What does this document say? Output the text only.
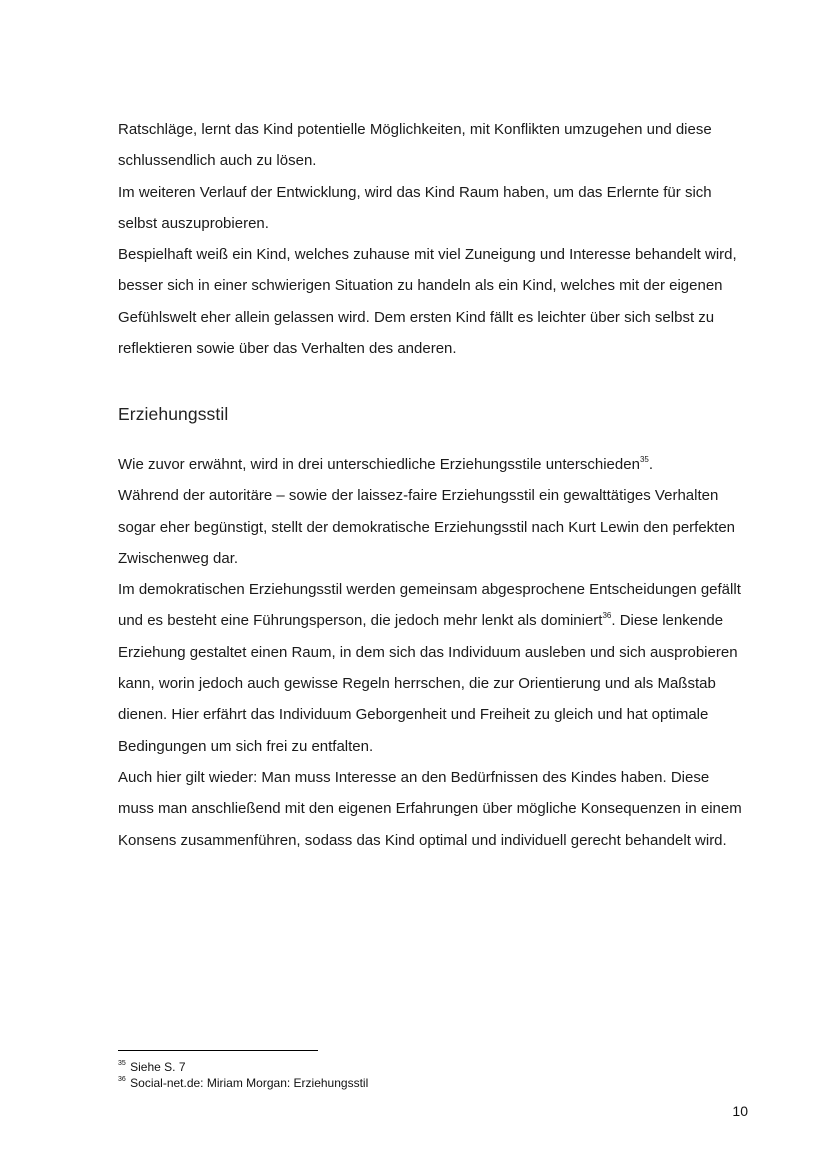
Ratschläge, lernt das Kind potentielle Möglichkeiten, mit Konflikten umzugehen und diese schlussendlich auch zu lösen.

Im weiteren Verlauf der Entwicklung, wird das Kind Raum haben, um das Erlernte für sich selbst auszuprobieren.

Bespielhaft weiß ein Kind, welches zuhause mit viel Zuneigung und Interesse behandelt wird, besser sich in einer schwierigen Situation zu handeln als ein Kind, welches mit der eigenen Gefühlswelt eher allein gelassen wird. Dem ersten Kind fällt es leichter über sich selbst zu reflektieren sowie über das Verhalten des anderen.

Erziehungsstil

Wie zuvor erwähnt, wird in drei unterschiedliche Erziehungsstile unterschieden$^{35}$.

Während der autoritäre – sowie der laissez-faire Erziehungsstil ein gewalttätiges Verhalten sogar eher begünstigt, stellt der demokratische Erziehungsstil nach Kurt Lewin den perfekten Zwischenweg dar.

Im demokratischen Erziehungsstil werden gemeinsam abgesprochene Entscheidungen gefällt und es besteht eine Führungsperson, die jedoch mehr lenkt als dominiert$^{36}$. Diese lenkende Erziehung gestaltet einen Raum, in dem sich das Individuum ausleben und sich ausprobieren kann, worin jedoch auch gewisse Regeln herrschen, die zur Orientierung und als Maßstab dienen. Hier erfährt das Individuum Geborgenheit und Freiheit zu gleich und hat optimale Bedingungen um sich frei zu entfalten.

Auch hier gilt wieder: Man muss Interesse an den Bedürfnissen des Kindes haben. Diese muss man anschließend mit den eigenen Erfahrungen über mögliche Konsequenzen in einem Konsens zusammenführen, sodass das Kind optimal und individuell gerecht behandelt wird.

$^{35}$ Siehe S. 7
$^{36}$ Social-net.de: Miriam Morgan: Erziehungsstil
10
